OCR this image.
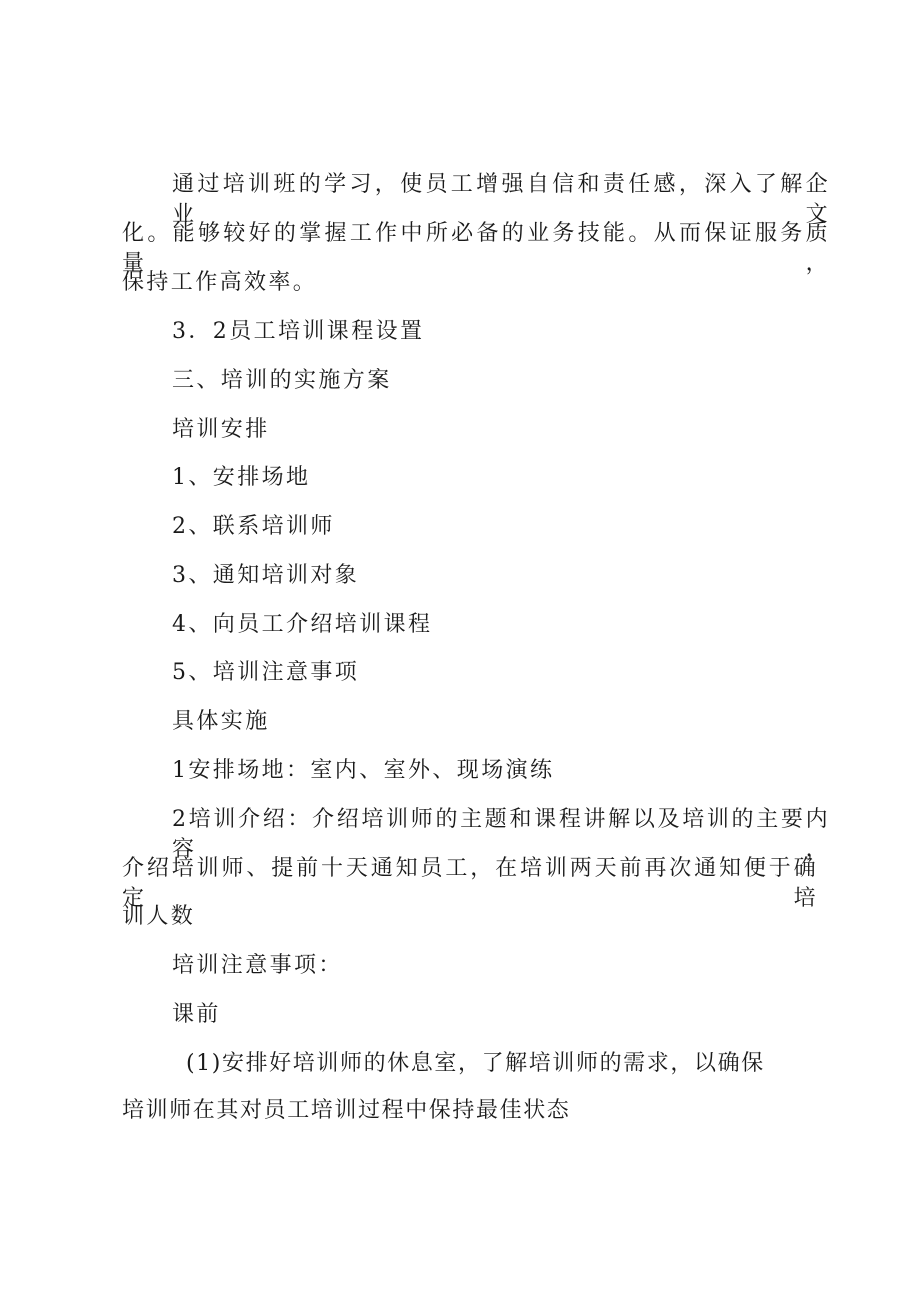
通过培训班的学习，使员工增强自信和责任感，深入了解企业文
化。能够较好的掌握工作中所必备的业务技能。从而保证服务质量，
保持工作高效率。
3．2员工培训课程设置
三、培训的实施方案
培训安排
1、安排场地
2、联系培训师
3、通知培训对象
4、向员工介绍培训课程
5、培训注意事项
具体实施
1安排场地：室内、室外、现场演练
2培训介绍：介绍培训师的主题和课程讲解以及培训的主要内容，
介绍培训师、提前十天通知员工，在培训两天前再次通知便于确定培
训人数
培训注意事项：
课前
(1)安排好培训师的休息室，了解培训师的需求，以确保
培训师在其对员工培训过程中保持最佳状态
